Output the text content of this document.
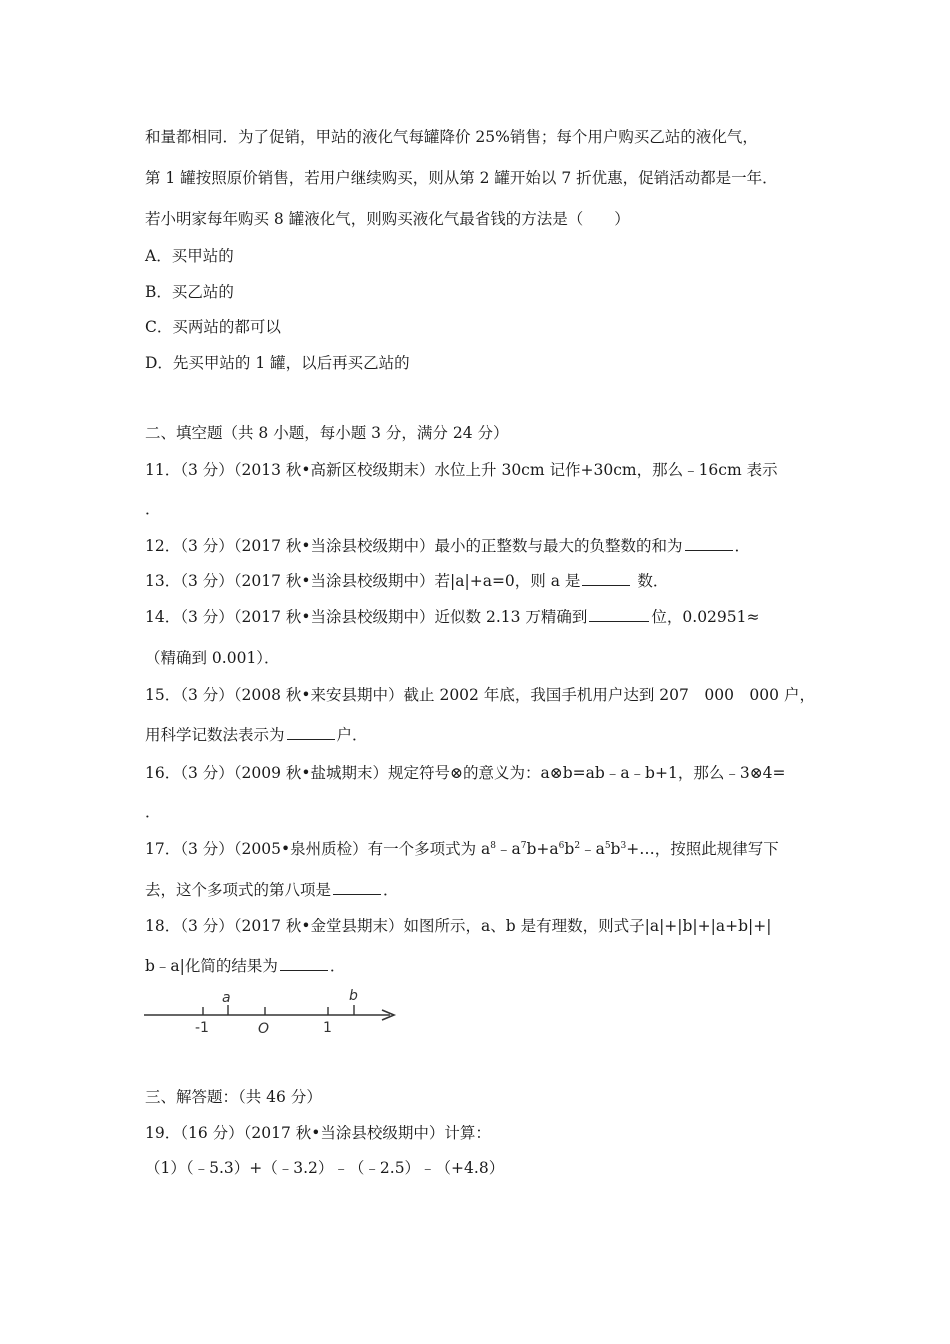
和量都相同．为了促销，甲站的液化气每罐降价 25%销售；每个用户购买乙站的液化气，
第 1 罐按照原价销售，若用户继续购买，则从第 2 罐开始以 7 折优惠，促销活动都是一年．
若小明家每年购买 8 罐液化气，则购买液化气最省钱的方法是（　　）
A．买甲站的
B．买乙站的
C．买两站的都可以
D．先买甲站的 1 罐，以后再买乙站的
二、填空题（共 8 小题，每小题 3 分，满分 24 分）
11．（3 分）（2013 秋•高新区校级期末）水位上升 30cm 记作+30cm，那么﹣16cm 表示
．
12．（3 分）（2017 秋•当涂县校级期中）最小的正整数与最大的负整数的和为	．
13．（3 分）（2017 秋•当涂县校级期中）若|a|+a=0，则 a 是	数．
14．（3 分）（2017 秋•当涂县校级期中）近似数 2.13 万精确到	位，0.02951≈
（精确到 0.001）．
15．（3 分）（2008 秋•来安县期中）截止 2002 年底，我国手机用户达到 207　000　000 户，
用科学记数法表示为	户．
16．（3 分）（2009 秋•盐城期末）规定符号⊗的意义为：a⊗b=ab﹣a﹣b+1，那么﹣3⊗4=
．
17．（3 分）（2005•泉州质检）有一个多项式为 $a^8﹣a^7b+a^6b^2﹣a^5b^3+\dots$，按照此规律写下
去，这个多项式的第八项是	．
18．（3 分）（2017 秋•金堂县期末）如图所示，a、b 是有理数，则式子|a|+|b|+|a+b|+|
b﹣a|化简的结果为	．
a	b
-1	O	1
三、解答题：（共 46 分）
19．（16 分）（2017 秋•当涂县校级期中）计算：
（1）（﹣5.3）+（﹣3.2）﹣（﹣2.5）﹣（+4.8）
